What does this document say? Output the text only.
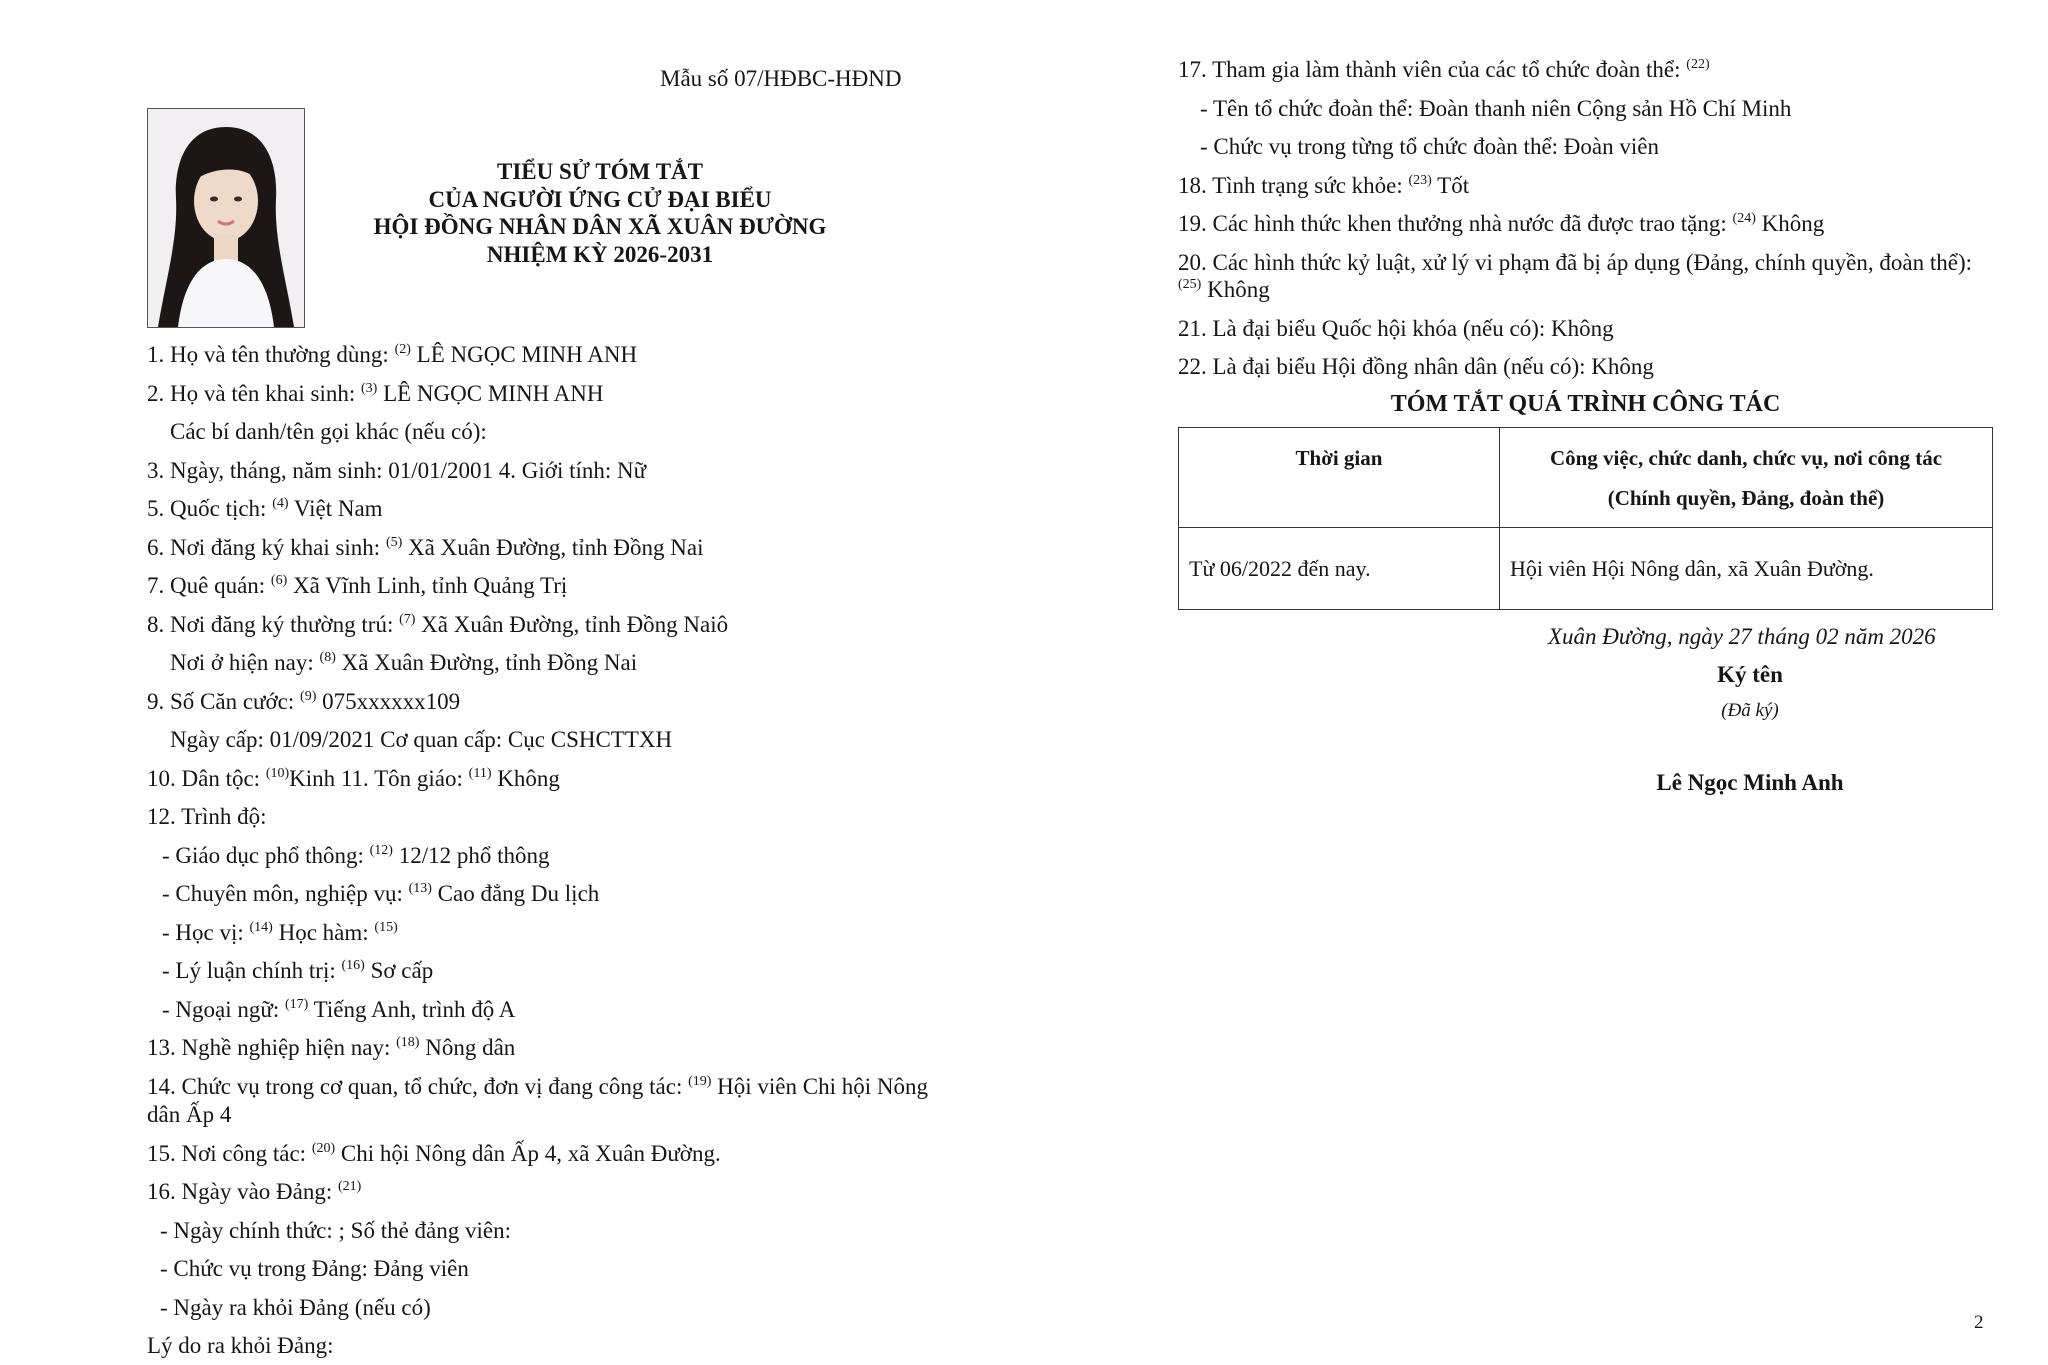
Mẫu số 07/HĐBC-HĐND
TIỂU SỬ TÓM TẮT
CỦA NGƯỜI ỨNG CỬ ĐẠI BIỂU
HỘI ĐỒNG NHÂN DÂN XÃ XUÂN ĐƯỜNG
NHIỆM KỲ 2026-2031
1. Họ và tên thường dùng: $^{(2)}$ LÊ NGỌC MINH ANH
2. Họ và tên khai sinh: $^{(3)}$ LÊ NGỌC MINH ANH
Các bí danh/tên gọi khác (nếu có):
3. Ngày, tháng, năm sinh: 01/01/2001 4. Giới tính: Nữ
5. Quốc tịch: $^{(4)}$ Việt Nam
6. Nơi đăng ký khai sinh: $^{(5)}$ Xã Xuân Đường, tỉnh Đồng Nai
7. Quê quán: $^{(6)}$ Xã Vĩnh Linh, tỉnh Quảng Trị
8. Nơi đăng ký thường trú: $^{(7)}$ Xã Xuân Đường, tỉnh Đồng Naiô
Nơi ở hiện nay: $^{(8)}$ Xã Xuân Đường, tỉnh Đồng Nai
9. Số Căn cước: $^{(9)}$ 075xxxxxx109
Ngày cấp: 01/09/2021 Cơ quan cấp: Cục CSHCTTXH
10. Dân tộc: $^{(10)}$Kinh 11. Tôn giáo: $^{(11)}$ Không
12. Trình độ:
- Giáo dục phổ thông: $^{(12)}$ 12/12 phổ thông
- Chuyên môn, nghiệp vụ: $^{(13)}$ Cao đẳng Du lịch
- Học vị: $^{(14)}$ Học hàm: $^{(15)}$
- Lý luận chính trị: $^{(16)}$ Sơ cấp
- Ngoại ngữ: $^{(17)}$ Tiếng Anh, trình độ A
13. Nghề nghiệp hiện nay: $^{(18)}$ Nông dân
14. Chức vụ trong cơ quan, tổ chức, đơn vị đang công tác: $^{(19)}$ Hội viên Chi hội Nông
dân Ấp 4
15. Nơi công tác: $^{(20)}$ Chi hội Nông dân Ấp 4, xã Xuân Đường.
16. Ngày vào Đảng: $^{(21)}$
- Ngày chính thức: ; Số thẻ đảng viên:
- Chức vụ trong Đảng: Đảng viên
- Ngày ra khỏi Đảng (nếu có)
Lý do ra khỏi Đảng:
17. Tham gia làm thành viên của các tổ chức đoàn thể: $^{(22)}$
- Tên tổ chức đoàn thể: Đoàn thanh niên Cộng sản Hồ Chí Minh
- Chức vụ trong từng tổ chức đoàn thể: Đoàn viên
18. Tình trạng sức khỏe: $^{(23)}$ Tốt
19. Các hình thức khen thưởng nhà nước đã được trao tặng: $^{(24)}$ Không
20. Các hình thức kỷ luật, xử lý vi phạm đã bị áp dụng (Đảng, chính quyền, đoàn thể):
$^{(25)}$ Không
21. Là đại biểu Quốc hội khóa (nếu có): Không
22. Là đại biểu Hội đồng nhân dân (nếu có): Không
TÓM TẮT QUÁ TRÌNH CÔNG TÁC
Thời gian	Công việc, chức danh, chức vụ, nơi công tác
(Chính quyền, Đảng, đoàn thể)

Từ 06/2022 đến nay.	Hội viên Hội Nông dân, xã Xuân Đường.
Xuân Đường, ngày 27 tháng 02 năm 2026
Ký tên
(Đã ký)
Lê Ngọc Minh Anh
2
